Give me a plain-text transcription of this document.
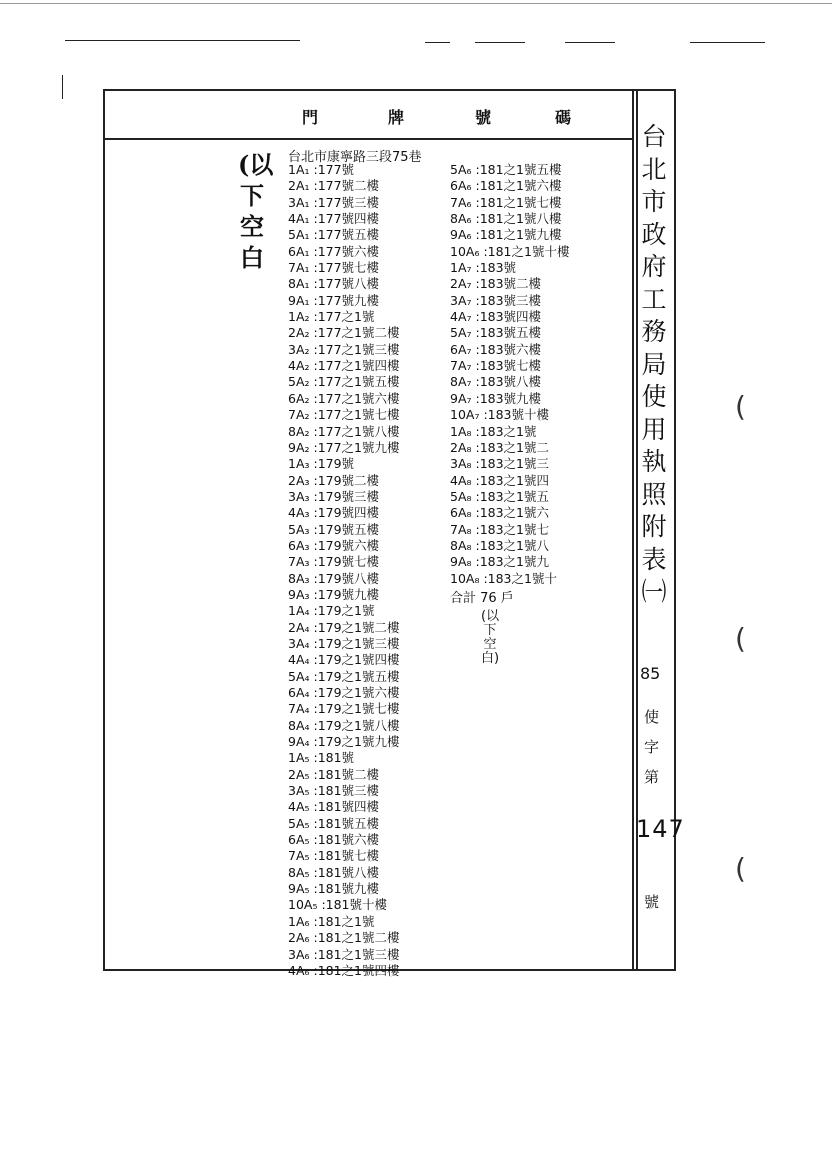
門	牌	號	碼
(以下空白
台北市康寧路三段75巷
1A₁ :177號
2A₁ :177號二樓
3A₁ :177號三樓
4A₁ :177號四樓
5A₁ :177號五樓
6A₁ :177號六樓
7A₁ :177號七樓
8A₁ :177號八樓
9A₁ :177號九樓
1A₂ :177之1號
2A₂ :177之1號二樓
3A₂ :177之1號三樓
4A₂ :177之1號四樓
5A₂ :177之1號五樓
6A₂ :177之1號六樓
7A₂ :177之1號七樓
8A₂ :177之1號八樓
9A₂ :177之1號九樓
1A₃ :179號
2A₃ :179號二樓
3A₃ :179號三樓
4A₃ :179號四樓
5A₃ :179號五樓
6A₃ :179號六樓
7A₃ :179號七樓
8A₃ :179號八樓
9A₃ :179號九樓
1A₄ :179之1號
2A₄ :179之1號二樓
3A₄ :179之1號三樓
4A₄ :179之1號四樓
5A₄ :179之1號五樓
6A₄ :179之1號六樓
7A₄ :179之1號七樓
8A₄ :179之1號八樓
9A₄ :179之1號九樓
1A₅ :181號
2A₅ :181號二樓
3A₅ :181號三樓
4A₅ :181號四樓
5A₅ :181號五樓
6A₅ :181號六樓
7A₅ :181號七樓
8A₅ :181號八樓
9A₅ :181號九樓
10A₅ :181號十樓
1A₆ :181之1號
2A₆ :181之1號二樓
3A₆ :181之1號三樓
4A₆ :181之1號四樓
5A₆ :181之1號五樓
6A₆ :181之1號六樓
7A₆ :181之1號七樓
8A₆ :181之1號八樓
9A₆ :181之1號九樓
10A₆ :181之1號十樓
1A₇ :183號
2A₇ :183號二樓
3A₇ :183號三樓
4A₇ :183號四樓
5A₇ :183號五樓
6A₇ :183號六樓
7A₇ :183號七樓
8A₇ :183號八樓
9A₇ :183號九樓
10A₇ :183號十樓
1A₈ :183之1號
2A₈ :183之1號二
3A₈ :183之1號三
4A₈ :183之1號四
5A₈ :183之1號五
6A₈ :183之1號六
7A₈ :183之1號七
8A₈ :183之1號八
9A₈ :183之1號九
10A₈ :183之1號十
合計 76 戶
(以下空白)
台北市政府工務局使用執照附表㈠
85
使
字
第
147
號
(
(
(
